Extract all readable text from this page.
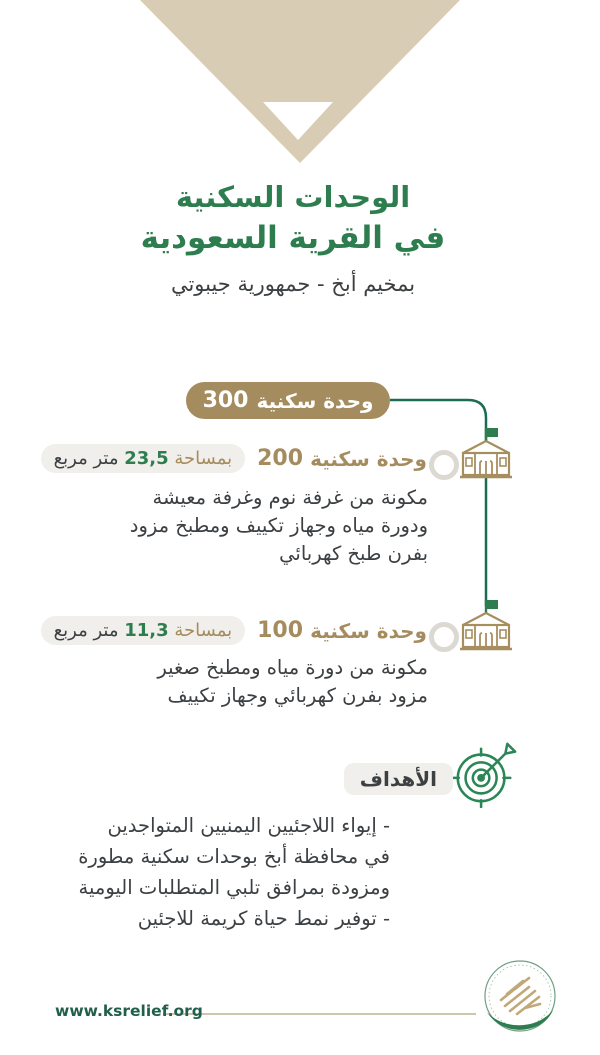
الوحدات السكنية
في القرية السعودية
بمخيم أبخ - جمهورية جيبوتي
300 وحدة سكنية
200 وحدة سكنية
بمساحة 23,5 متر مربع
مكونة من غرفة نوم وغرفة معيشة
ودورة مياه وجهاز تكييف ومطبخ مزود
بفرن طبخ كهربائي
100 وحدة سكنية
بمساحة 11,3 متر مربع
مكونة من دورة مياه ومطبخ صغير
مزود بفرن كهربائي وجهاز تكييف
الأهداف
- إيواء اللاجئيين اليمنيين المتواجدين
في محافظة أبخ بوحدات سكنية مطورة
ومزودة بمرافق تلبي المتطلبات اليومية
- توفير نمط حياة كريمة للاجئين
www.ksrelief.org
